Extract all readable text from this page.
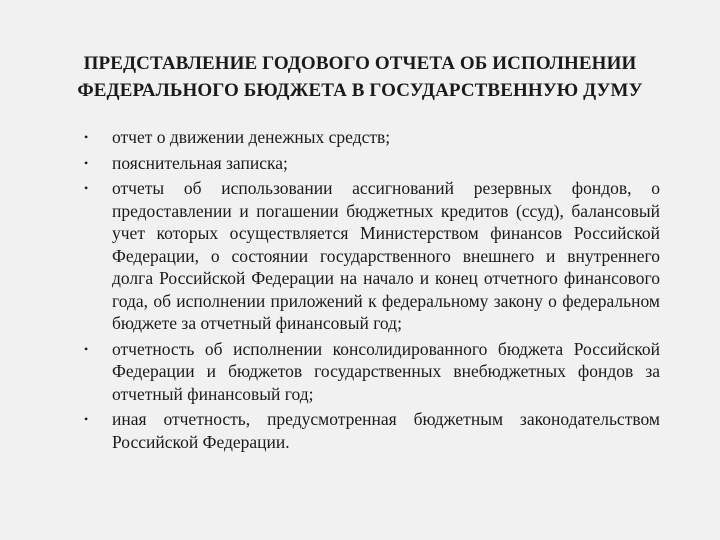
ПРЕДСТАВЛЕНИЕ ГОДОВОГО ОТЧЕТА ОБ ИСПОЛНЕНИИ
ФЕДЕРАЛЬНОГО БЮДЖЕТА В ГОСУДАРСТВЕННУЮ ДУМУ
• отчет о движении денежных средств;
• пояснительная записка;
• отчеты об использовании ассигнований резервных фондов, о предоставлении и погашении бюджетных кредитов (ссуд), балансовый учет которых осуществляется Министерством финансов Российской Федерации, о состоянии государственного внешнего и внутреннего долга Российской Федерации на начало и конец отчетного финансового года, об исполнении приложений к федеральному закону о федеральном бюджете за отчетный финансовый год;
• отчетность об исполнении консолидированного бюджета Российской Федерации и бюджетов государственных внебюджетных фондов за отчетный финансовый год;
• иная отчетность, предусмотренная бюджетным законодательством Российской Федерации.
